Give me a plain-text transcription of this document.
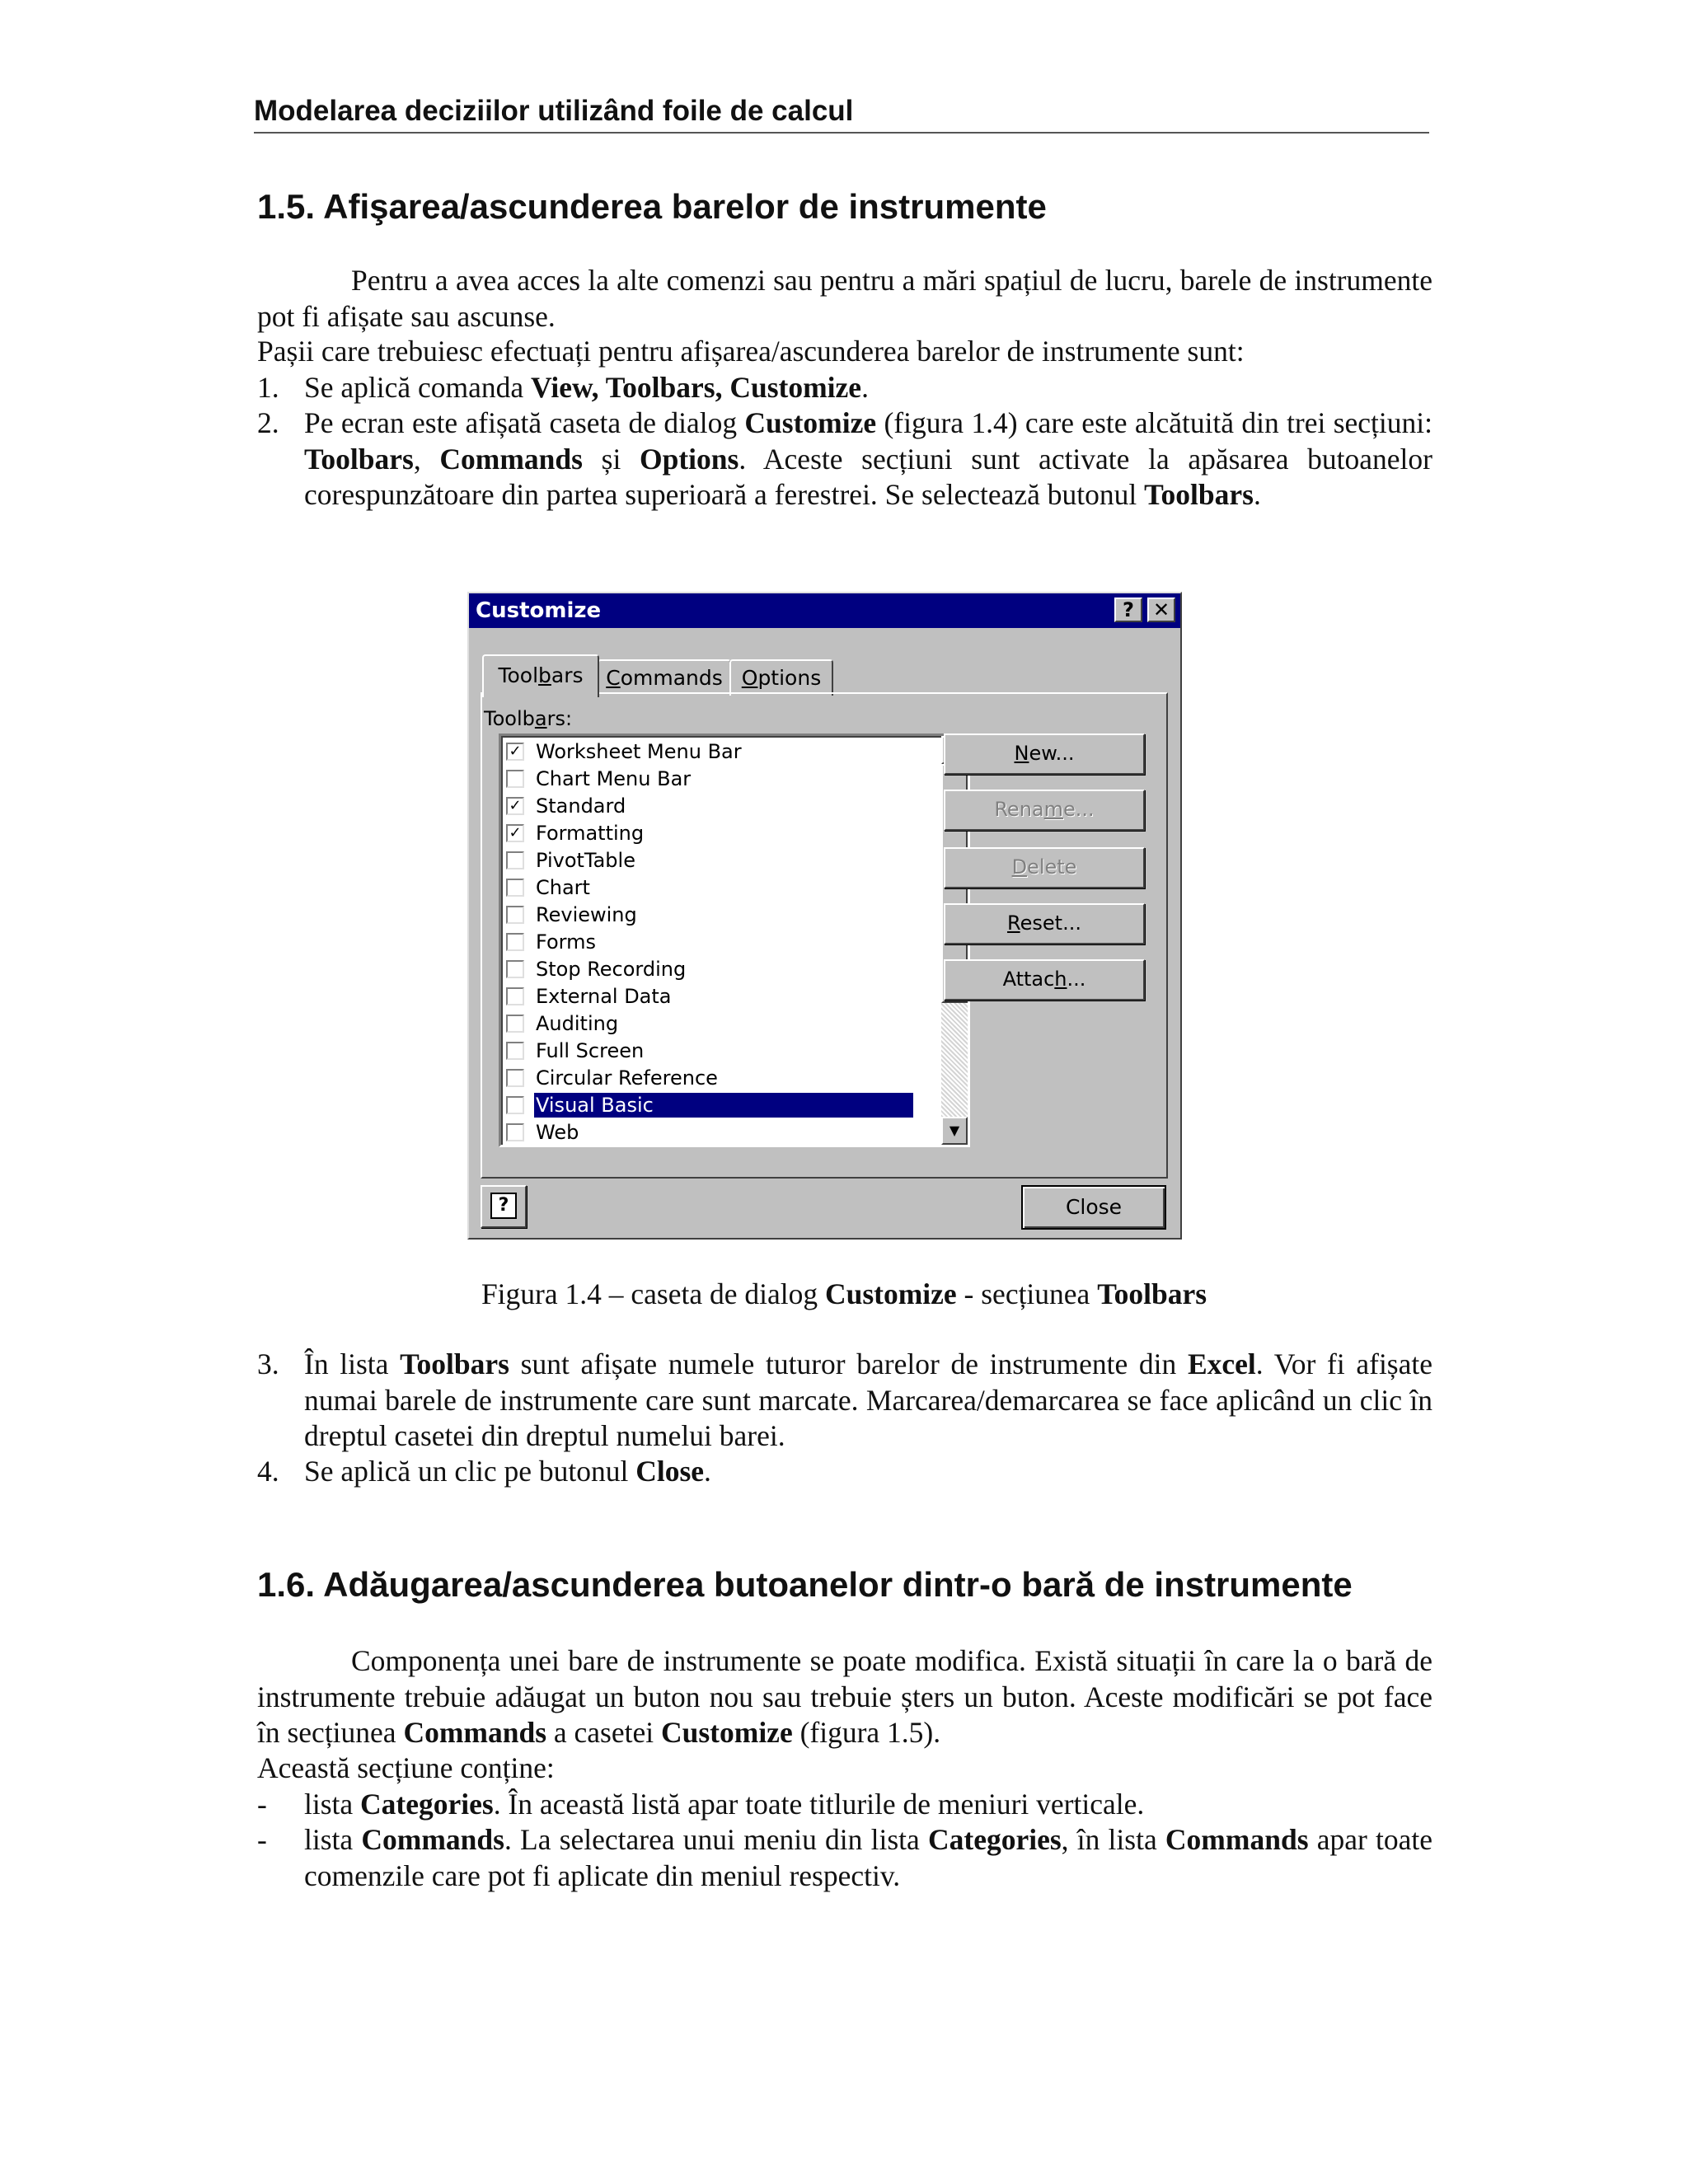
Modelarea deciziilor utilizând foile de calcul
1.5. Afişarea/ascunderea barelor de instrumente
Pentru a avea acces la alte comenzi sau pentru a mări spațiul de lucru, barele de instrumente pot fi afișate sau ascunse.
Pașii care trebuiesc efectuați pentru afișarea/ascunderea barelor de instrumente sunt:
1. Se aplică comanda View, Toolbars, Customize.
2. Pe ecran este afișată caseta de dialog Customize (figura 1.4) care este alcătuită din trei secțiuni: Toolbars, Commands și Options. Aceste secțiuni sunt activate la apăsarea butoanelor corespunzătoare din partea superioară a ferestrei. Se selectează butonul Toolbars.
Customize	? ✕
Toolbars	Commands Options
Toolbars:
✓ Worksheet Menu Bar
Chart Menu Bar
✓ Standard
✓ Formatting
PivotTable
Chart
Reviewing
Forms
Stop Recording
External Data
Auditing
Full Screen
Circular Reference
Visual Basic
Web	▼
New...
Rename...
Delete
Reset...
Attach...
?	Close
Figura 1.4 – caseta de dialog Customize - secțiunea Toolbars
3. În lista Toolbars sunt afișate numele tuturor barelor de instrumente din Excel. Vor fi afișate numai barele de instrumente care sunt marcate. Marcarea/demarcarea se face aplicând un clic în dreptul casetei din dreptul numelui barei.
4. Se aplică un clic pe butonul Close.
1.6. Adăugarea/ascunderea butoanelor dintr-o bară de instrumente
Componența unei bare de instrumente se poate modifica. Există situații în care la o bară de instrumente trebuie adăugat un buton nou sau trebuie șters un buton. Aceste modificări se pot face în secțiunea Commands a casetei Customize (figura 1.5).
Această secțiune conține:
-	lista Categories. În această listă apar toate titlurile de meniuri verticale.
-	lista Commands. La selectarea unui meniu din lista Categories, în lista Commands apar toate comenzile care pot fi aplicate din meniul respectiv.
